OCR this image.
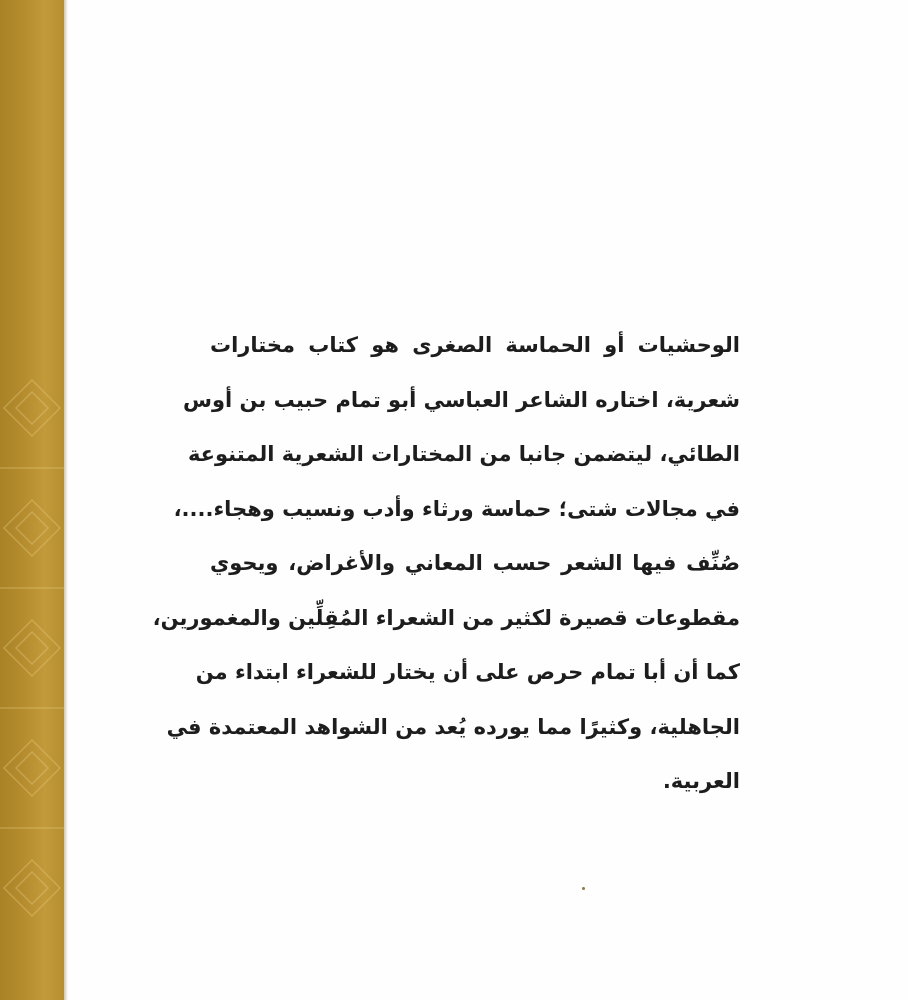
الوحشيات أو الحماسة الصغرى هو كتاب مختارات
شعرية، اختاره الشاعر العباسي أبو تمام حبيب بن أوس
الطائي، ليتضمن جانبا من المختارات الشعرية المتنوعة
في مجالات شتى؛ حماسة ورثاء وأدب ونسيب وهجاء....،
صُنِّف فيها الشعر حسب المعاني والأغراض، ويحوي
مقطوعات قصيرة لكثير من الشعراء المُقِلِّين والمغمورين،
كما أن أبا تمام حرص على أن يختار للشعراء ابتداء من
الجاهلية، وكثيرًا مما يورده يُعد من الشواهد المعتمدة في
العربية.
